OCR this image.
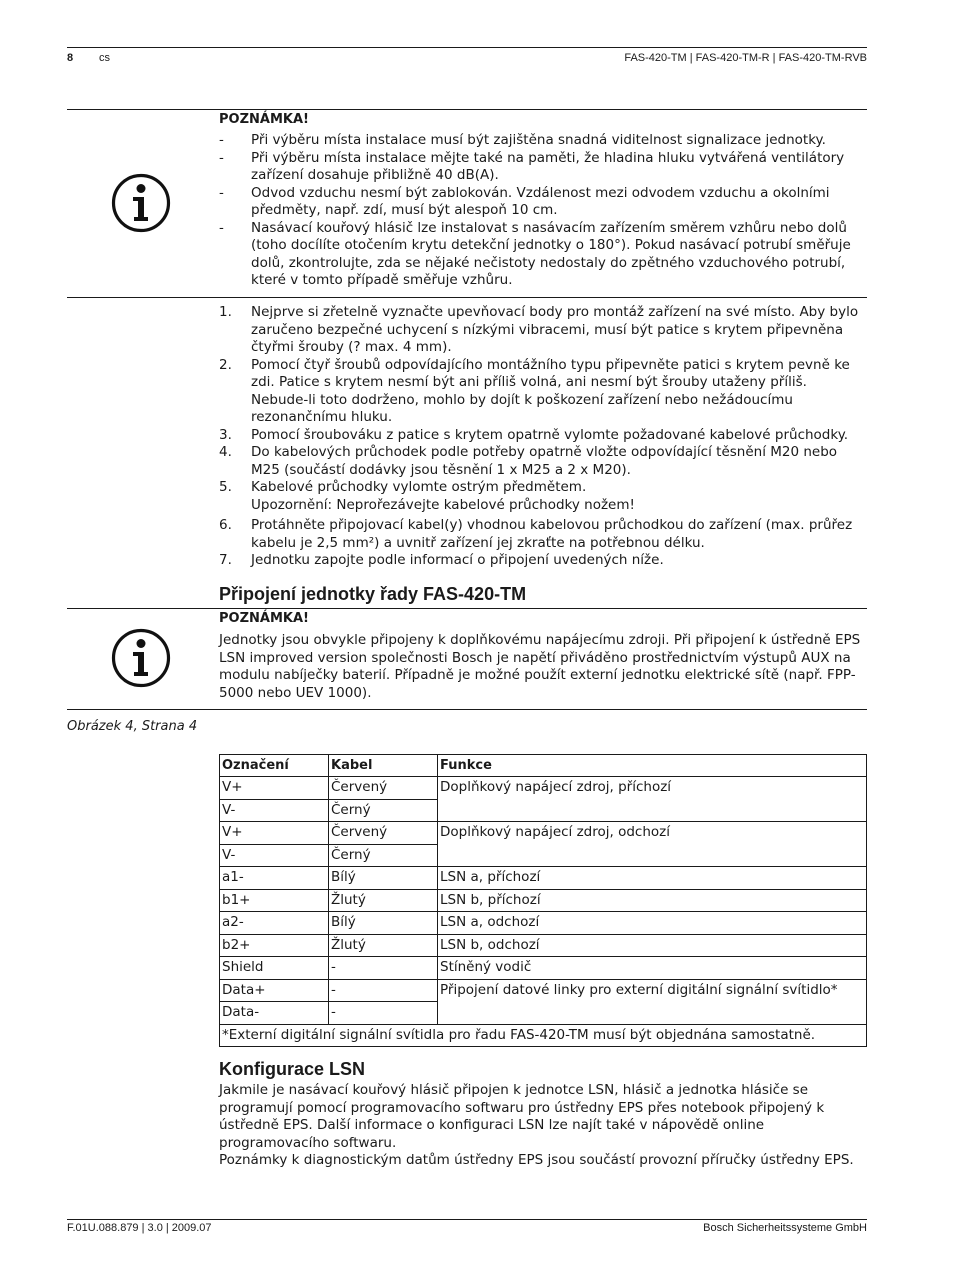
8 cs	FAS-420-TM | FAS-420-TM-R | FAS-420-TM-RVB
POZNÁMKA!
- Při výběru místa instalace musí být zajištěna snadná viditelnost signalizace jednotky.
- Při výběru místa instalace mějte také na paměti, že hladina hluku vytvářená ventilátory zařízení dosahuje přibližně 40 dB(A).
- Odvod vzduchu nesmí být zablokován. Vzdálenost mezi odvodem vzduchu a okolními předměty, např. zdí, musí být alespoň 10 cm.
- Nasávací kouřový hlásič lze instalovat s nasávacím zařízením směrem vzhůru nebo dolů (toho docílíte otočením krytu detekční jednotky o 180°). Pokud nasávací potrubí směřuje dolů, zkontrolujte, zda se nějaké nečistoty nedostaly do zpětného vzduchového potrubí, které v tomto případě směřuje vzhůru.
1. Nejprve si zřetelně vyznačte upevňovací body pro montáž zařízení na své místo. Aby bylo zaručeno bezpečné uchycení s nízkými vibracemi, musí být patice s krytem připevněna čtyřmi šrouby (? max. 4 mm).
2. Pomocí čtyř šroubů odpovídajícího montážního typu připevněte patici s krytem pevně ke zdi. Patice s krytem nesmí být ani příliš volná, ani nesmí být šrouby utaženy příliš. Nebude-li toto dodrženo, mohlo by dojít k poškození zařízení nebo nežádoucímu rezonančnímu hluku.
3. Pomocí šroubováku z patice s krytem opatrně vylomte požadované kabelové průchodky.
4. Do kabelových průchodek podle potřeby opatrně vložte odpovídající těsnění M20 nebo M25 (součástí dodávky jsou těsnění 1 x M25 a 2 x M20).
5. Kabelové průchodky vylomte ostrým předmětem.
Upozornění: Neprořezávejte kabelové průchodky nožem!
6. Protáhněte připojovací kabel(y) vhodnou kabelovou průchodkou do zařízení (max. průřez kabelu je 2,5 mm²) a uvnitř zařízení jej zkraťte na potřebnou délku.
7. Jednotku zapojte podle informací o připojení uvedených níže.
Připojení jednotky řady FAS-420-TM
POZNÁMKA!
Jednotky jsou obvykle připojeny k doplňkovému napájecímu zdroji. Při připojení k ústředně EPS LSN improved version společnosti Bosch je napětí přiváděno prostřednictvím výstupů AUX na modulu nabíječky baterií. Případně je možné použít externí jednotku elektrické sítě (např. FPP-5000 nebo UEV 1000).
Obrázek 4, Strana 4
Označení	Kabel	Funkce
V+	Červený	Doplňkový napájecí zdroj, příchozí
V-	Černý	
V+	Červený	Doplňkový napájecí zdroj, odchozí
V-	Černý	
a1-	Bílý	LSN a, příchozí
b1+	Žlutý	LSN b, příchozí
a2-	Bílý	LSN a, odchozí
b2+	Žlutý	LSN b, odchozí
Shield	-	Stíněný vodič
Data+	-	Připojení datové linky pro externí digitální signální svítidlo*
Data-	-	
*Externí digitální signální svítidla pro řadu FAS-420-TM musí být objednána samostatně.		
Konfigurace LSN
Jakmile je nasávací kouřový hlásič připojen k jednotce LSN, hlásič a jednotka hlásiče se programují pomocí programovacího softwaru pro ústředny EPS přes notebook připojený k ústředně EPS. Další informace o konfiguraci LSN lze najít také v nápovědě online programovacího softwaru.
Poznámky k diagnostickým datům ústředny EPS jsou součástí provozní příručky ústředny EPS.
F.01U.088.879 | 3.0 | 2009.07	Bosch Sicherheitssysteme GmbH
